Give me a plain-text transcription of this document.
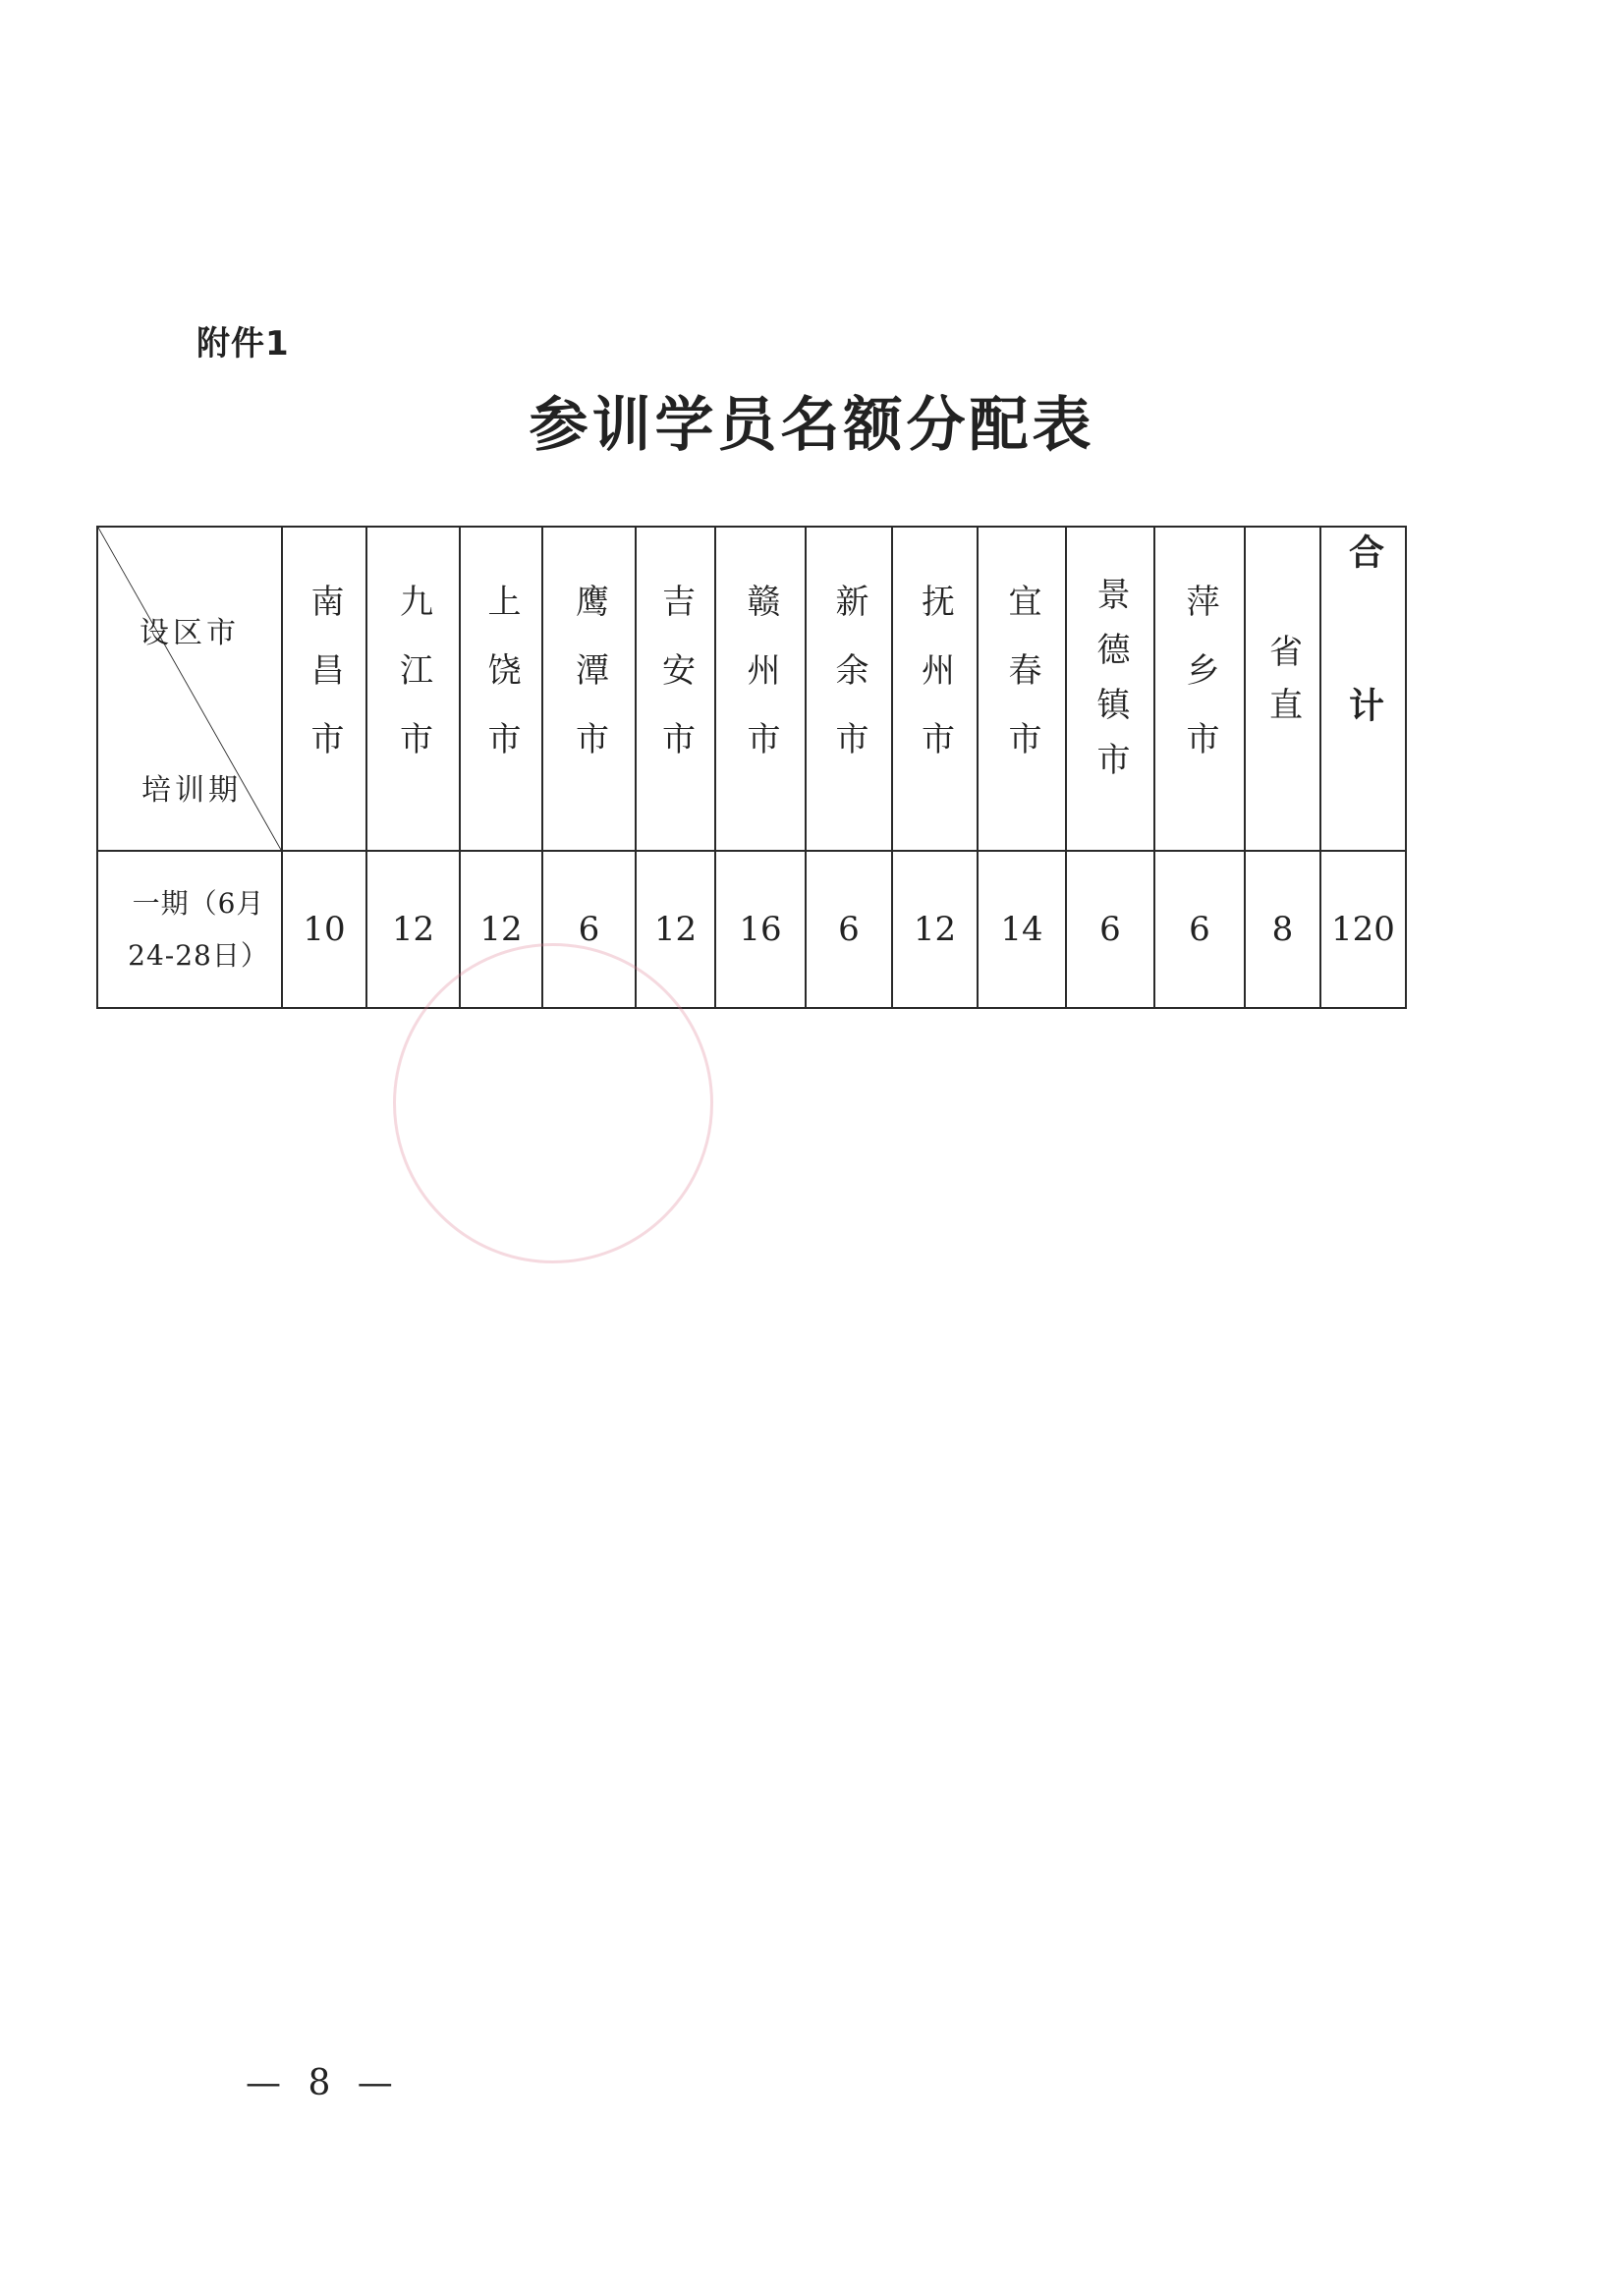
附件1
参训学员名额分配表
设区市
培训期	南昌市	九江市	上饶市	鹰潭市	吉安市	赣州市	新余市	抚州市	宜春市	景德镇市	萍乡市	省直	合计

一期（6月
24-28日）	10	12	12	6	12	16	6	12	14	6	6	8	120
— 8 —
